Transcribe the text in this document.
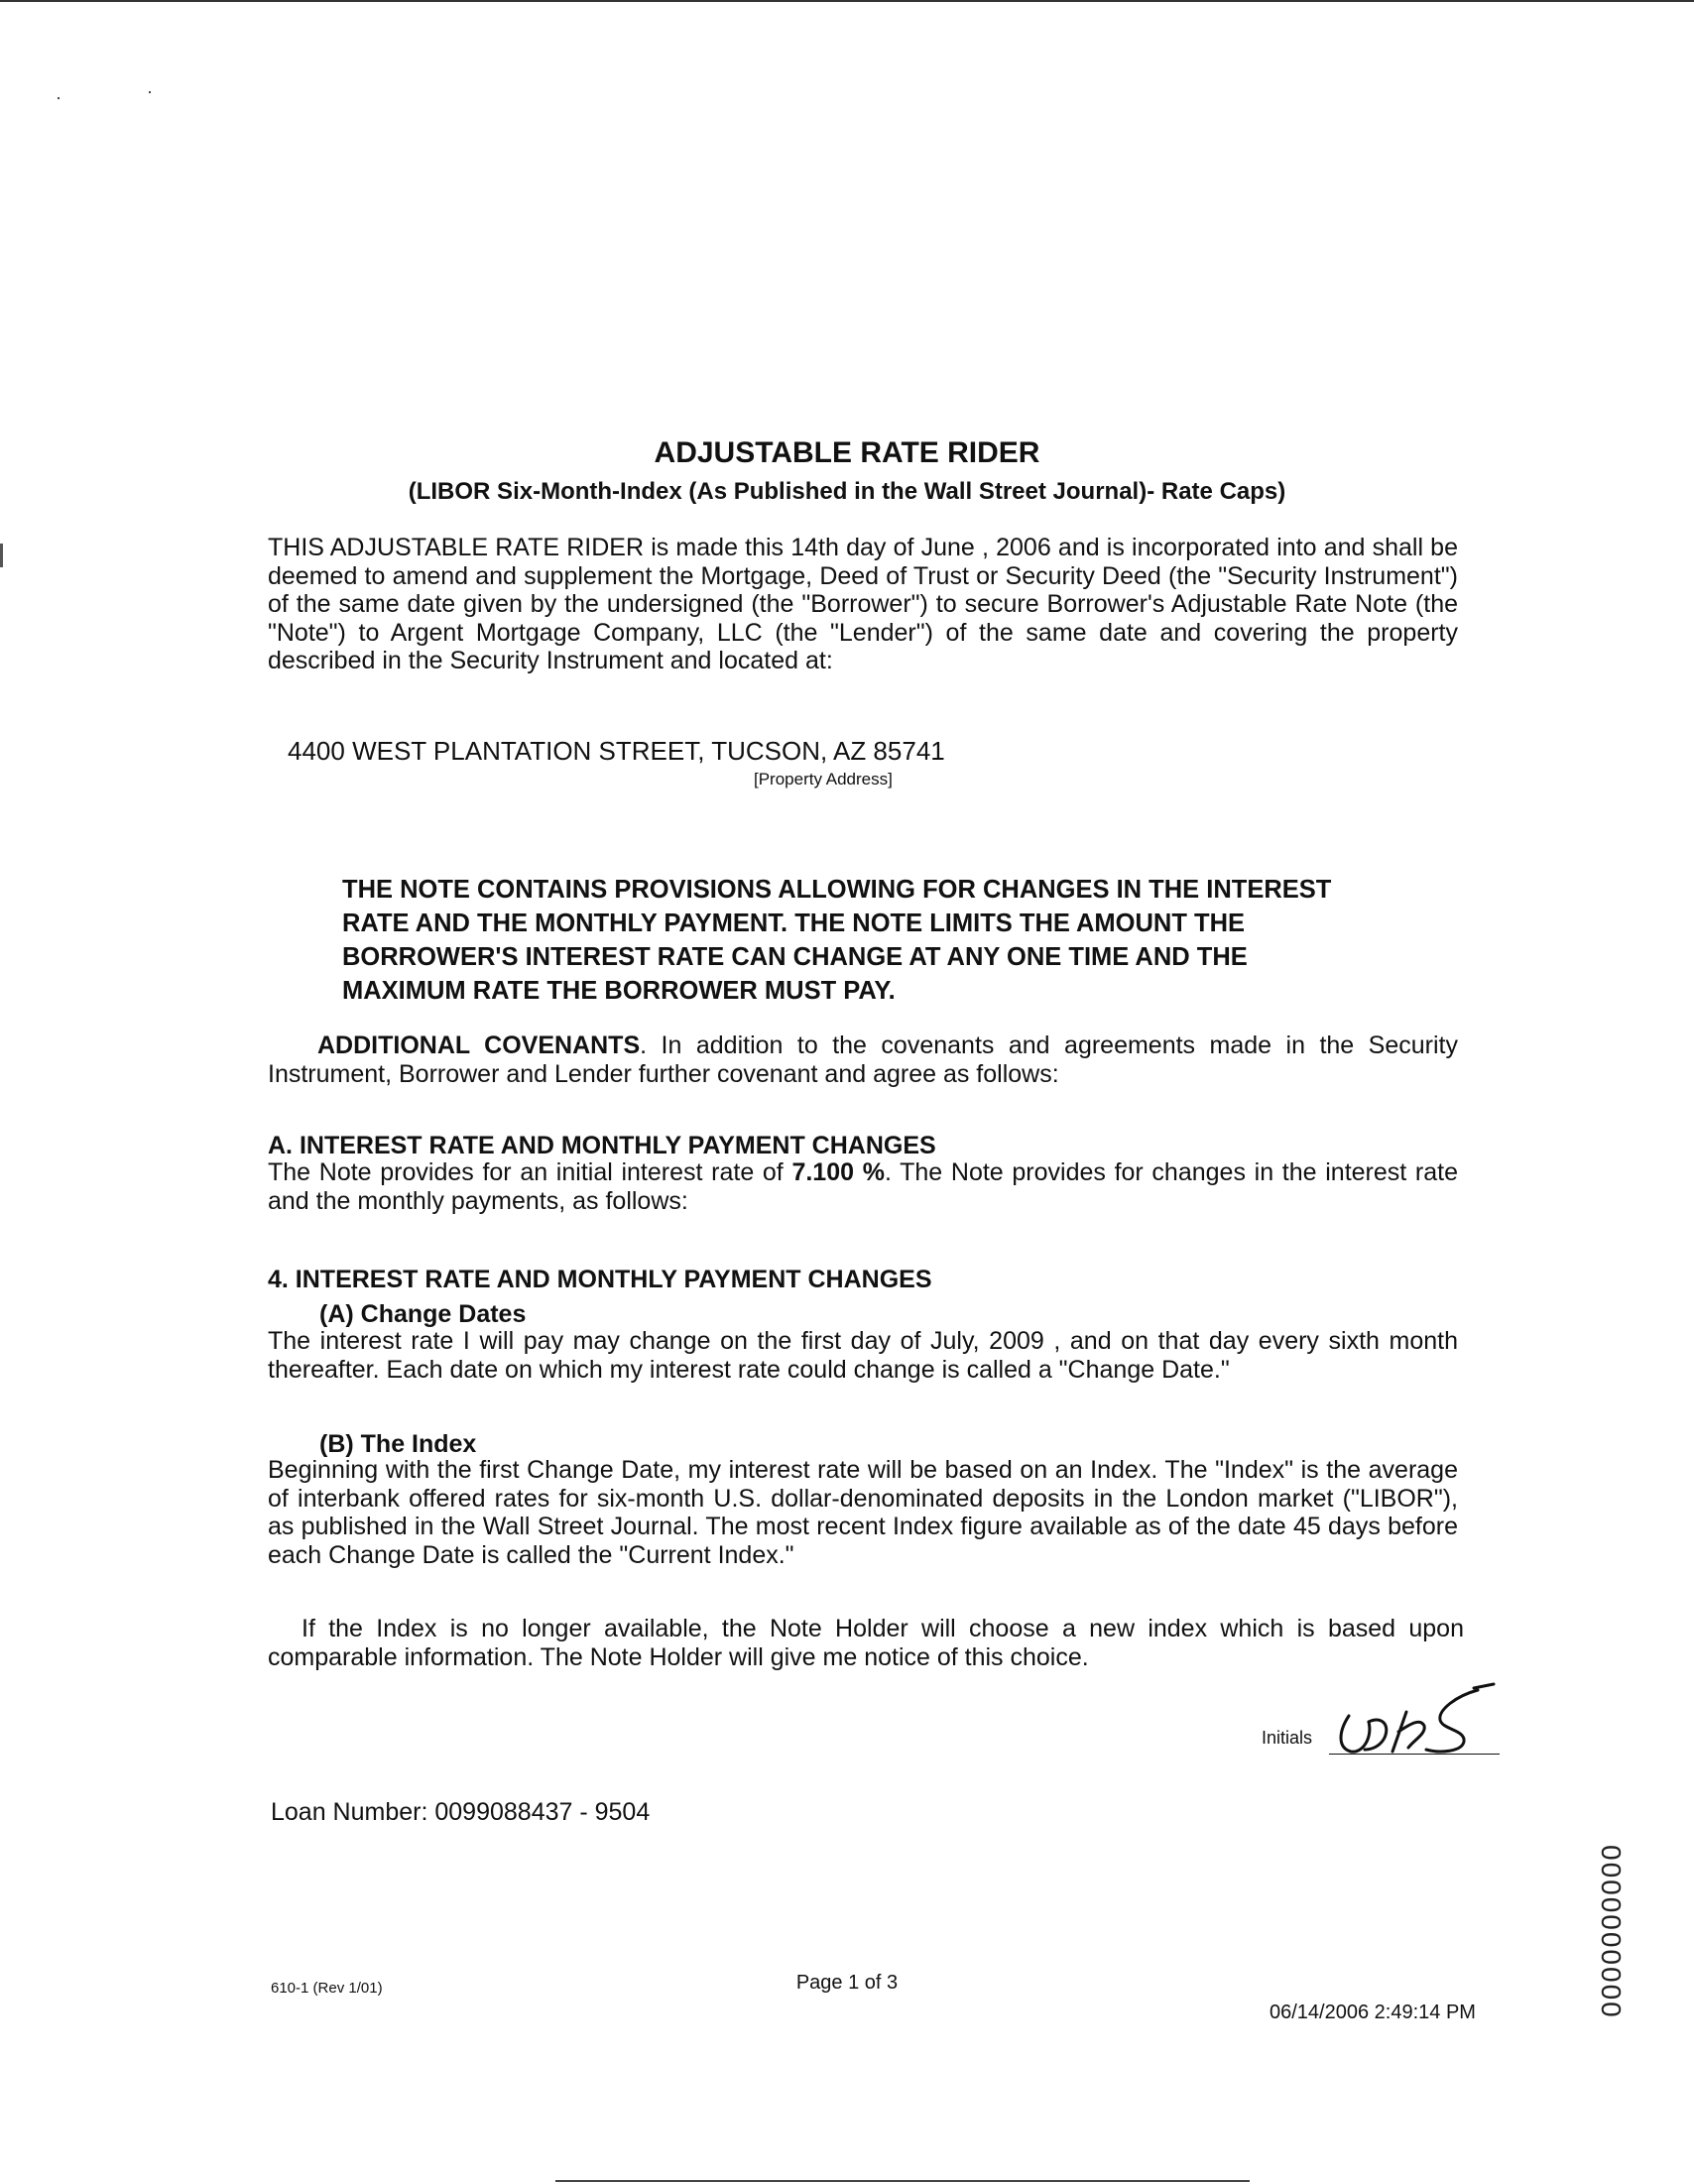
ADJUSTABLE RATE RIDER
(LIBOR Six-Month-Index (As Published in the Wall Street Journal)- Rate Caps)
THIS ADJUSTABLE RATE RIDER is made this 14th day of June , 2006 and is incorporated into and shall be deemed to amend and supplement the Mortgage, Deed of Trust or Security Deed (the "Security Instrument") of the same date given by the undersigned (the "Borrower") to secure Borrower's Adjustable Rate Note (the "Note") to Argent Mortgage Company, LLC (the "Lender") of the same date and covering the property described in the Security Instrument and located at:
4400 WEST PLANTATION STREET, TUCSON, AZ 85741
[Property Address]
THE NOTE CONTAINS PROVISIONS ALLOWING FOR CHANGES IN THE INTEREST RATE AND THE MONTHLY PAYMENT. THE NOTE LIMITS THE AMOUNT THE BORROWER'S INTEREST RATE CAN CHANGE AT ANY ONE TIME AND THE MAXIMUM RATE THE BORROWER MUST PAY.
ADDITIONAL COVENANTS. In addition to the covenants and agreements made in the Security Instrument, Borrower and Lender further covenant and agree as follows:
A. INTEREST RATE AND MONTHLY PAYMENT CHANGES
The Note provides for an initial interest rate of 7.100 %. The Note provides for changes in the interest rate and the monthly payments, as follows:
4. INTEREST RATE AND MONTHLY PAYMENT CHANGES
(A) Change Dates
The interest rate I will pay may change on the first day of July, 2009 , and on that day every sixth month thereafter. Each date on which my interest rate could change is called a "Change Date."
(B) The Index
Beginning with the first Change Date, my interest rate will be based on an Index. The "Index" is the average of interbank offered rates for six-month U.S. dollar-denominated deposits in the London market ("LIBOR"), as published in the Wall Street Journal. The most recent Index figure available as of the date 45 days before each Change Date is called the "Current Index."
If the Index is no longer available, the Note Holder will choose a new index which is based upon comparable information. The Note Holder will give me notice of this choice.
Initials
Loan Number: 0099088437 - 9504
610-1 (Rev 1/01)	Page 1 of 3
06/14/2006 2:49:14 PM	0000000000
